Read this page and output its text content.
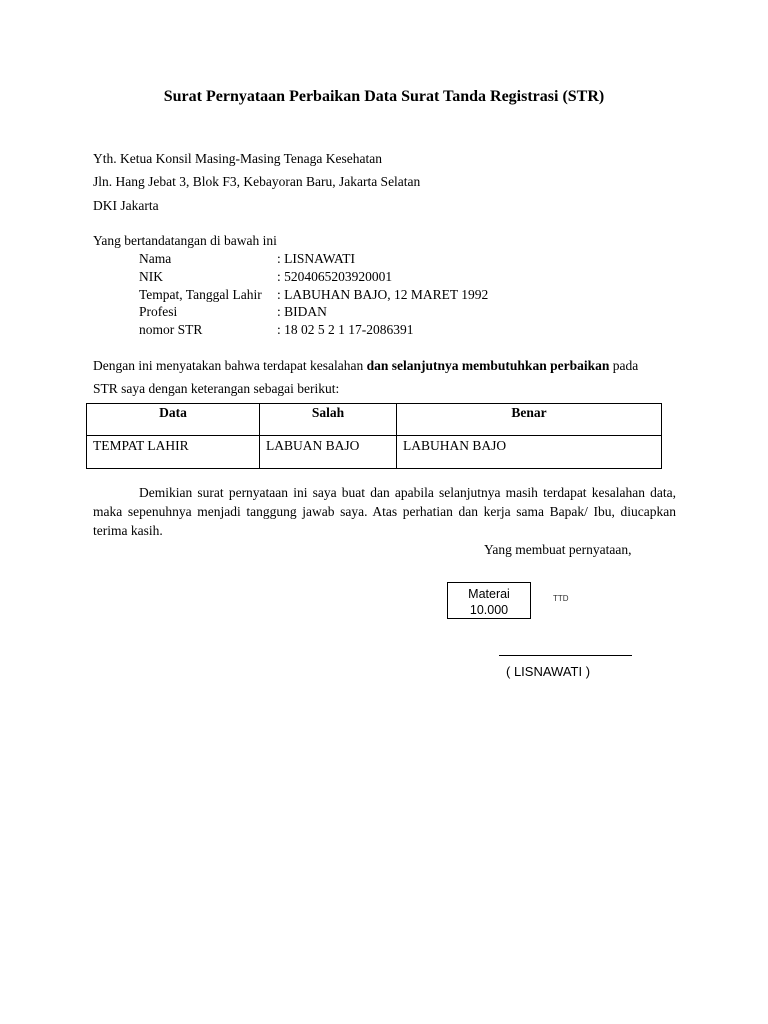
Surat Pernyataan Perbaikan Data Surat Tanda Registrasi (STR)
Yth. Ketua Konsil Masing-Masing Tenaga Kesehatan
Jln. Hang Jebat 3, Blok F3, Kebayoran Baru, Jakarta Selatan
DKI Jakarta
Yang bertandatangan di bawah ini
Nama	: LISNAWATI
NIK	: 5204065203920001
Tempat, Tanggal Lahir : LABUHAN BAJO, 12 MARET 1992
Profesi	: BIDAN
nomor STR	: 18 02 5 2 1 17-2086391
Dengan ini menyatakan bahwa terdapat kesalahan dan selanjutnya membutuhkan perbaikan pada
STR saya dengan keterangan sebagai berikut:
Data	Salah	Benar
TEMPAT LAHIR	LABUAN BAJO	LABUHAN BAJO
Demikian surat pernyataan ini saya buat dan apabila selanjutnya masih terdapat kesalahan data, maka sepenuhnya menjadi tanggung jawab saya. Atas perhatian dan kerja sama Bapak/ Ibu, diucapkan terima kasih.
Yang membuat pernyataan,
Materai
10.000
TTD
( LISNAWATI )
